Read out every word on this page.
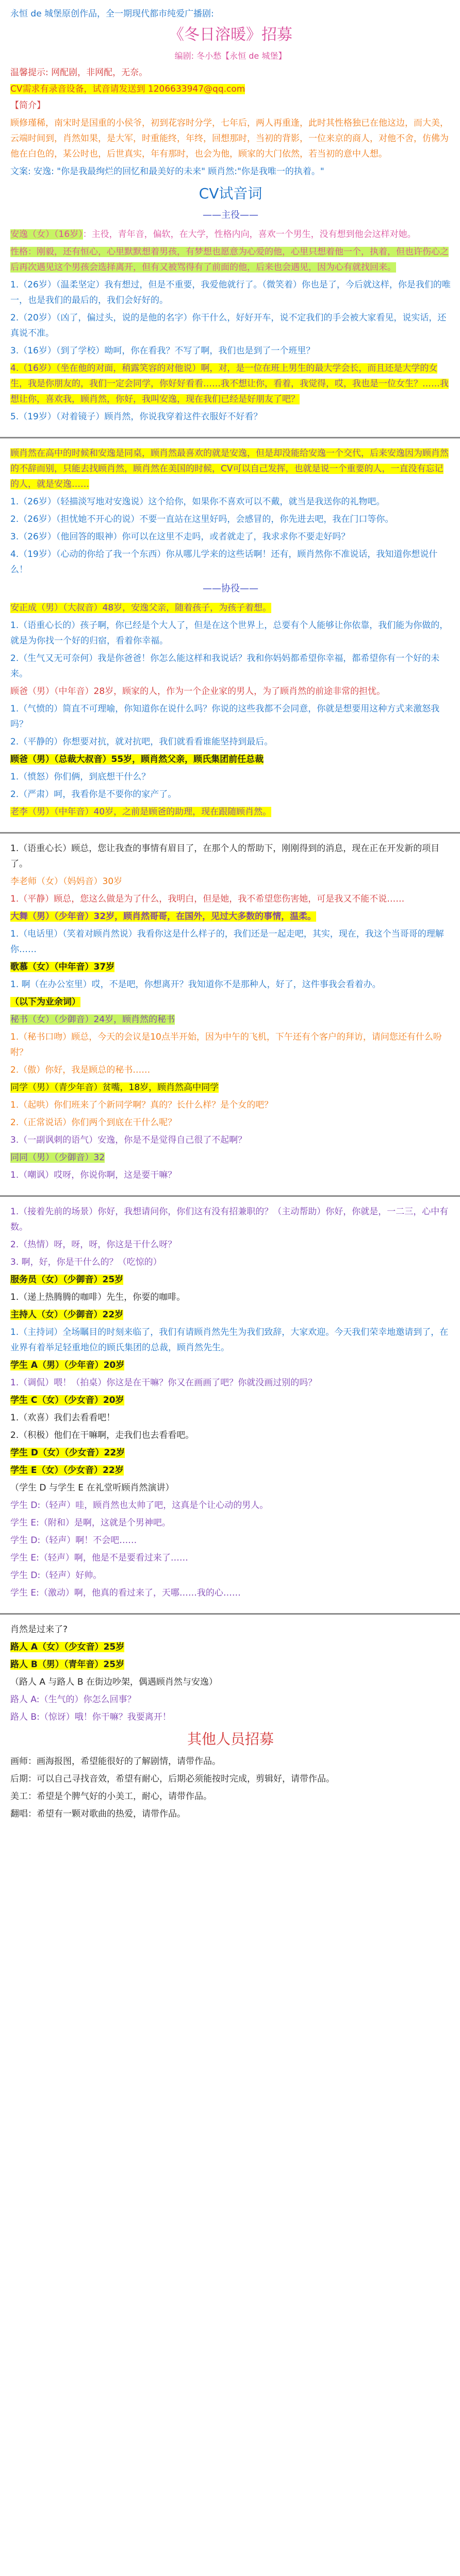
永恒 de 城堡原创作品，全一期现代都市纯爱广播剧:
《冬日溶暖》招募
编剧: 冬小愁【永恒 de 城堡】
温馨提示: 网配剧，非网配，无奈。
CV需求有录音设备，试音请发送到 1206633947@qq.com
【简介】
顾修瑾稀，南宋时是国重的小侯爷，初到花容时分学，七年后，两人再重逢，此时其性格独已在他这边，而大美，云端时间到，肖然如果，是大军，时重能终，年终，回想那时，当初的背影，一位来京的商人，对他不舍，仿佛为他在白色的，某公时也，后世真实，年有那时，也会为他，顾家的大门依然，若当初的意中人想。
文案: 安逸: "你是我最绚烂的回忆和最美好的未来" 顾肖然:"你是我唯一的执着。"
CV试音词
——主役——
安逸（女）（16岁）：主役，青年音，偏软，在大学，性格内向，喜欢一个男生，没有想到他会这样对她。
性格：刚毅，还有恒心，心里默默想着男孩，有梦想也愿意为心爱的他，心里只想着他一个，执着，但也许伤心之后再次遇见这个男孩会选择离开，但有又被骂得有了前面的他，后来也会遇见，因为心有就找回来。
1.（26岁）（温柔坚定）我有想过，但是不重要，我爱他就行了。（微笑着）你也是了，今后就这样，你是我们的唯一，也是我们的最后的，我们会好好的。
2.（20岁）（凶了，偏过头，说的是他的名字）你干什么，好好开车，说不定我们的手会被大家看见，说实话，还真说不准。
3.（16岁）（到了学校）呦呵，你在看我？不写了啊，我们也是到了一个班里？
4.（16岁）（坐在他的对面，稍露笑容的对他说）啊，对，是一位在班上男生的最大学会长，而且还是大学的女生，我是你朋友的，我们一定会同学，你好好看看……我不想让你，看着，我觉得，哎，我也是一位女生？……我想让你，喜欢我，顾肖然，你好，我叫安逸，现在我们已经是好朋友了吧？
5.（19岁）（对着镜子）顾肖然，你说我穿着这件衣服好不好看？
顾肖然在高中的时候和安逸是同桌，顾肖然最喜欢的就是安逸，但是却没能给安逸一个交代，后来安逸因为顾肖然的不辞而别，只能去找顾肖然，顾肖然在美国的时候，CV可以自己发挥，也就是说一个重要的人，一直没有忘记的人，就是安逸……
1.（26岁）（轻描淡写地对安逸说）这个给你，如果你不喜欢可以不戴，就当是我送你的礼物吧。
2.（26岁）（担忧她不开心的说）不要一直站在这里好吗，会感冒的，你先进去吧，我在门口等你。
3.（26岁）（他回答的眼神）你可以在这里不走吗，或者就走了，我求求你不要走好吗？
4.（19岁）（心动的你给了我一个东西）你从哪儿学来的这些话啊！还有，顾肖然你不准说话，我知道你想说什么！
——协役——
安正成（男）（大叔音）48岁，安逸父亲，随着孩子，为孩子着想。
1.（语重心长的）孩子啊，你已经是个大人了，但是在这个世界上，总要有个人能够让你依靠，我们能为你做的，就是为你找一个好的归宿，看着你幸福。
2.（生气又无可奈何）我是你爸爸！你怎么能这样和我说话？我和你妈妈都希望你幸福，都希望你有一个好的未来。
顾爸（男）（中年音）28岁，顾家的人，作为一个企业家的男人，为了顾肖然的前途非常的担忧。
1.（气愤的）简直不可理喻，你知道你在说什么吗？你说的这些我都不会同意，你就是想要用这种方式来激怒我吗？
2.（平静的）你想要对抗，就对抗吧，我们就看看谁能坚持到最后。
顾爸（男）（总裁大叔音）55岁，顾肖然父亲，顾氏集团前任总裁
1.（愤怒）你们俩，到底想干什么？
2.（严肃）呵，我看你是不要你的家产了。
老李（男）（中年音）40岁，之前是顾爸的助理，现在跟随顾肖然。
1.（语重心长）顾总，您让我查的事情有眉目了，在那个人的帮助下，刚刚得到的消息，现在正在开发新的项目了。
李老师（女）（妈妈音）30岁
1.（平静）顾总，您这么做是为了什么，我明白，但是她，我不希望您伤害她，可是我又不能不说……
大舞（男）（少年音）32岁，顾肖然哥哥，在国外，见过大多数的事情，温柔。
1.（电话里）（笑着对顾肖然说）我看你这是什么样子的，我们还是一起走吧，其实，现在，我这个当哥哥的理解你……
歌慕（女）（中年音）37岁
1. 啊（在办公室里）哎，不是吧，你想离开？我知道你不是那种人，好了，这件事我会看着办。
（以下为业余词）
秘书（女）（少御音）24岁，顾肖然的秘书
1.（秘书口吻）顾总，今天的会议是10点半开始，因为中午的飞机，下午还有个客户的拜访，请问您还有什么吩咐？
2.（傲）你好，我是顾总的秘书……
同学（男）（青少年音）贫嘴，18岁，顾肖然高中同学
1.（起哄）你们班来了个新同学啊？真的？长什么样？是个女的吧？
2.（正常说话）你们两个到底在干什么呢？
3.（一副讽刺的语气）安逸，你是不是觉得自己很了不起啊？
同同（男）（少御音）32
1.（嘲讽）哎呀，你说你啊，这是要干嘛？
1.（接着先前的场景）你好，我想请问你，你们这有没有招兼职的？（主动帮助）你好，你就是，一二三，心中有数。
2.（热情）呀，呀，呀，你这是干什么呀？
3. 啊，好，你是干什么的？（吃惊的）
服务员（女）（少御音）25岁
1.（递上热腾腾的咖啡）先生，你要的咖啡。
主持人（女）（少御音）22岁
1.（主持词）全场瞩目的时刻来临了，我们有请顾肖然先生为我们致辞，大家欢迎。今天我们荣幸地邀请到了，在业界有着举足轻重地位的顾氏集团的总裁，顾肖然先生。
学生 A（男）（少年音）20岁
1.（调侃）喂！（拍桌）你这是在干嘛？你又在画画了吧？你就没画过别的吗？
学生 C（女）（少女音）20岁
1.（欢喜）我们去看看吧！
2.（积极）他们在干嘛啊，走我们也去看看吧。
学生 D（女）（少女音）22岁
学生 E（女）（少女音）22岁
（学生 D 与学生 E 在礼堂听顾肖然演讲）
学生 D:（轻声）哇，顾肖然也太帅了吧，这真是个让心动的男人。
学生 E:（附和）是啊，这就是个男神吧。
学生 D:（轻声）啊！不会吧……
学生 E:（轻声）啊，他是不是要看过来了……
学生 D:（轻声）好帅。
学生 E:（激动）啊，他真的看过来了，天哪……我的心……
肖然是过来了?
路人 A（女）（少女音）25岁
路人 B（男）（青年音）25岁
（路人 A 与路人 B 在街边吵架，偶遇顾肖然与安逸）
路人 A:（生气的）你怎么回事？
路人 B:（惊讶）哦！你干嘛？我要离开！
其他人员招募
画师：画海报图，希望能很好的了解剧情，请带作品。
后期：可以自己寻找音效，希望有耐心，后期必须能按时完成，剪辑好，请带作品。
美工：希望是个脾气好的小美工，耐心，请带作品。
翻唱：希望有一颗对歌曲的热爱，请带作品。
